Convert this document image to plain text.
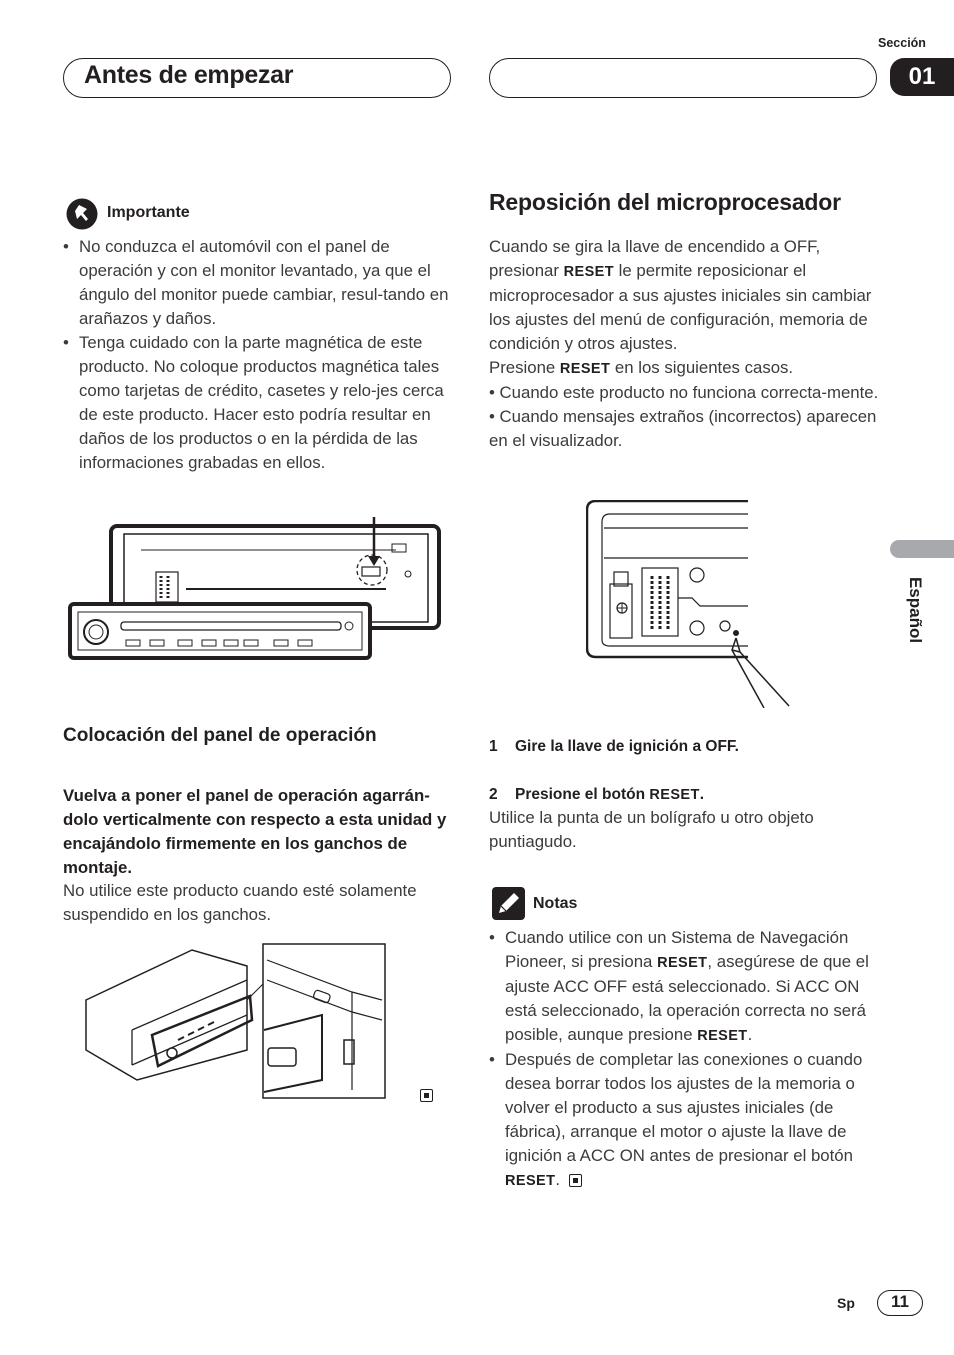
Antes de empezar
Sección
01
Español
Importante
• No conduzca el automóvil con el panel de operación y con el monitor levantado, ya que el ángulo del monitor puede cambiar, resul-tando en arañazos y daños.
• Tenga cuidado con la parte magnética de este producto. No coloque productos magnética tales como tarjetas de crédito, casetes y relo-jes cerca de este producto. Hacer esto podría resultar en daños de los productos o en la pérdida de las informaciones grabadas en ellos.
Colocación del panel de operación
Vuelva a poner el panel de operación agarrán-dolo verticalmente con respecto a esta unidad y encajándolo firmemente en los ganchos de montaje.
No utilice este producto cuando esté solamente suspendido en los ganchos.
Reposición del microprocesador
Cuando se gira la llave de encendido a OFF, presionar RESET le permite reposicionar el microprocesador a sus ajustes iniciales sin cambiar los ajustes del menú de configuración, memoria de condición y otros ajustes.
Presione RESET en los siguientes casos.
• Cuando este producto no funciona correcta-mente.
• Cuando mensajes extraños (incorrectos) aparecen en el visualizador.
1 Gire la llave de ignición a OFF.
2 Presione el botón RESET.
Utilice la punta de un bolígrafo u otro objeto puntiagudo.
Notas
• Cuando utilice con un Sistema de Navegación Pioneer, si presiona RESET, asegúrese de que el ajuste ACC OFF está seleccionado. Si ACC ON está seleccionado, la operación correcta no será posible, aunque presione RESET.
• Después de completar las conexiones o cuando desea borrar todos los ajustes de la memoria o volver el producto a sus ajustes iniciales (de fábrica), arranque el motor o ajuste la llave de ignición a ACC ON antes de presionar el botón RESET.
Sp	11
